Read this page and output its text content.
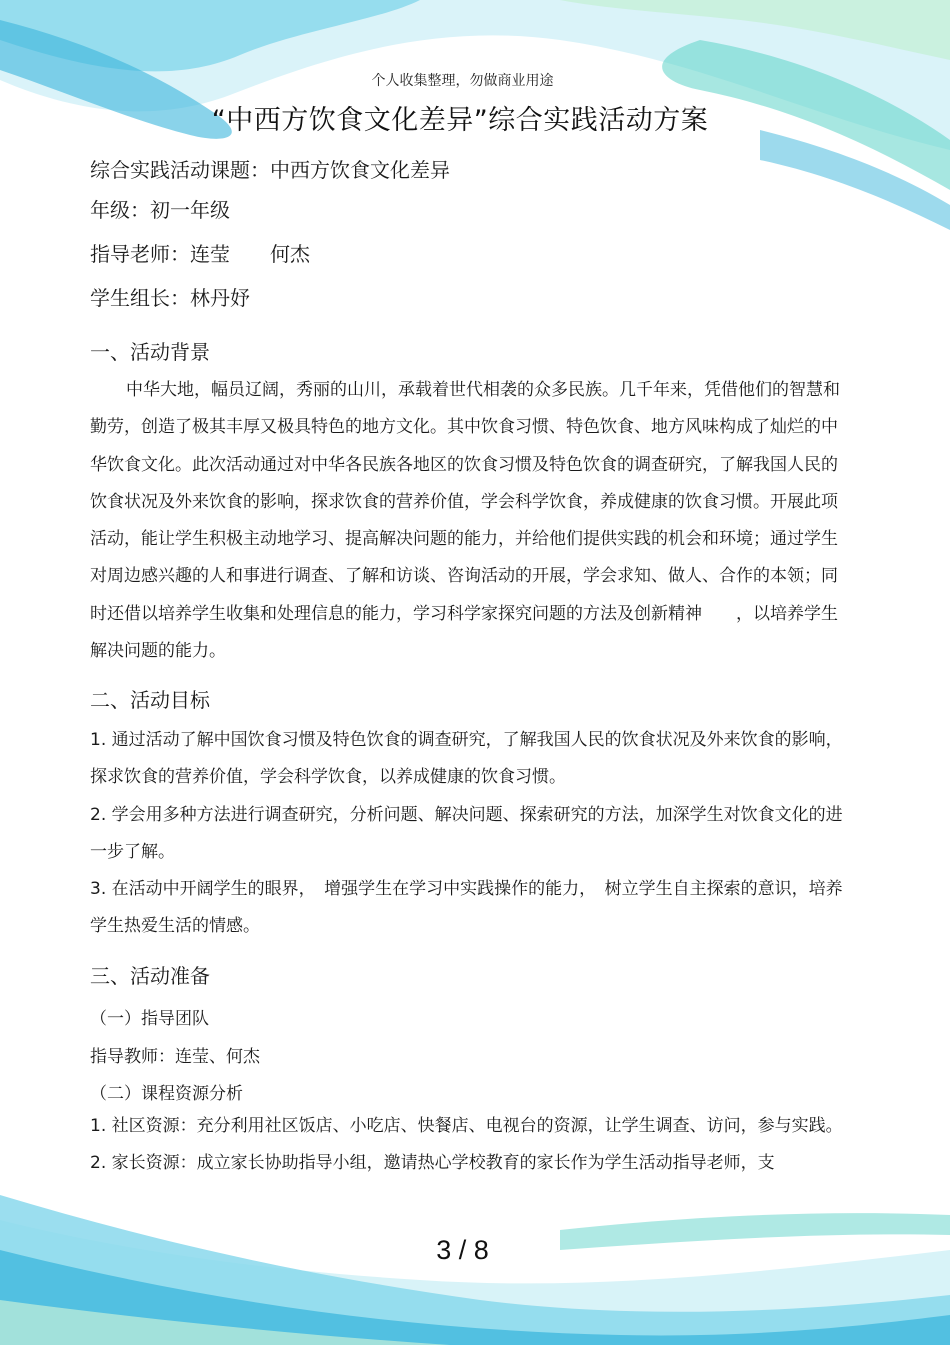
个人收集整理，勿做商业用途
“中西方饮食文化差异”综合实践活动方案
综合实践活动课题：中西方饮食文化差异
年级：初一年级
指导老师：连莹　　何杰
学生组长：林丹妤
一、活动背景

中华大地，幅员辽阔，秀丽的山川，承载着世代相袭的众多民族。几千年来，凭借他们的智慧和勤劳，创造了极其丰厚又极具特色的地方文化。其中饮食习惯、特色饮食、地方风味构成了灿烂的中华饮食文化。此次活动通过对中华各民族各地区的饮食习惯及特色饮食的调查研究，了解我国人民的饮食状况及外来饮食的影响，探求饮食的营养价值，学会科学饮食，养成健康的饮食习惯。开展此项活动，能让学生积极主动地学习、提高解决问题的能力，并给他们提供实践的机会和环境；通过学生对周边感兴趣的人和事进行调查、了解和访谈、咨询活动的开展，学会求知、做人、合作的本领；同时还借以培养学生收集和处理信息的能力，学习科学家探究问题的方法及创新精神　　，以培养学生解决问题的能力。

二、活动目标

1. 通过活动了解中国饮食习惯及特色饮食的调查研究，了解我国人民的饮食状况及外来饮食的影响，探求饮食的营养价值，学会科学饮食，以养成健康的饮食习惯。

2. 学会用多种方法进行调查研究，分析问题、解决问题、探索研究的方法，加深学生对饮食文化的进一步了解。

3. 在活动中开阔学生的眼界，　增强学生在学习中实践操作的能力，　树立学生自主探索的意识，培养学生热爱生活的情感。

三、活动准备
（一）指导团队
指导教师：连莹、何杰
（二）课程资源分析

1. 社区资源：充分利用社区饭店、小吃店、快餐店、电视台的资源，让学生调查、访问，参与实践。

2. 家长资源：成立家长协助指导小组，邀请热心学校教育的家长作为学生活动指导老师，支

3 / 8
